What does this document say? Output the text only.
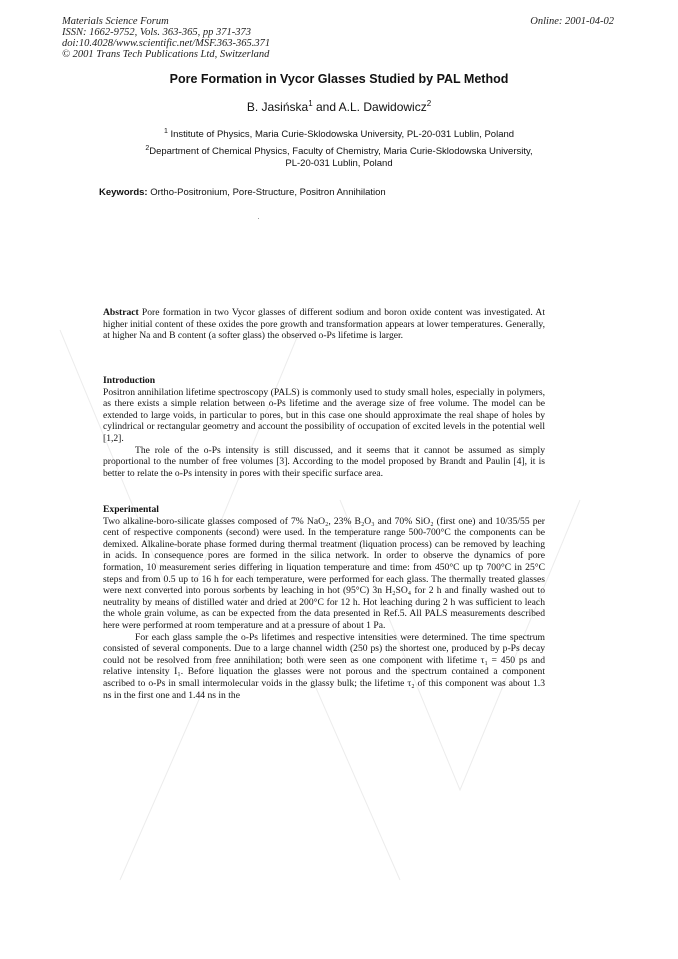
Materials Science Forum
ISSN: 1662-9752, Vols. 363-365, pp 371-373
doi:10.4028/www.scientific.net/MSF.363-365.371
© 2001 Trans Tech Publications Ltd, Switzerland
Online: 2001-04-02
Pore Formation in Vycor Glasses Studied by PAL Method
B. Jasińska$^1$ and A.L. Dawidowicz$^2$
$^1$ Institute of Physics, Maria Curie-Sklodowska University, PL-20-031 Lublin, Poland
$^2$Department of Chemical Physics, Faculty of Chemistry, Maria Curie-Sklodowska University,
PL-20-031 Lublin, Poland
Keywords: Ortho-Positronium, Pore-Structure, Positron Annihilation

Abstract Pore formation in two Vycor glasses of different sodium and boron oxide content was investigated. At higher initial content of these oxides the pore growth and transformation appears at lower temperatures. Generally, at higher Na and B content (a softer glass) the observed o-Ps lifetime is larger.

Introduction

Positron annihilation lifetime spectroscopy (PALS) is commonly used to study small holes, especially in polymers, as there exists a simple relation between o-Ps lifetime and the average size of free volume. The model can be extended to large voids, in particular to pores, but in this case one should approximate the real shape of holes by cylindrical or rectangular geometry and account the possibility of occupation of excited levels in the potential well [1,2].

The role of the o-Ps intensity is still discussed, and it seems that it cannot be assumed as simply proportional to the number of free volumes [3]. According to the model proposed by Brandt and Paulin [4], it is better to relate the o-Ps intensity in pores with their specific surface area.

Experimental

Two alkaline-boro-silicate glasses composed of 7% NaO₂, 23% B₂O₃ and 70% SiO₂ (first one) and 10/35/55 per cent of respective components (second) were used. In the temperature range 500-700°C the components can be demixed. Alkaline-borate phase formed during thermal treatment (liquation process) can be removed by leaching in acids. In consequence pores are formed in the silica network. In order to observe the dynamics of pore formation, 10 measurement series differing in liquation temperature and time: from 450°C up tp 700°C in 25°C steps and from 0.5 up to 16 h for each temperature, were performed for each glass. The thermally treated glasses were next converted into porous sorbents by leaching in hot (95°C) 3n H₂SO₄ for 2 h and finally washed out to neutrality by means of distilled water and dried at 200°C for 12 h. Hot leaching during 2 h was sufficient to leach the whole grain volume, as can be expected from the data presented in Ref.5. All PALS measurements described here were performed at room temperature and at a pressure of about 1 Pa.

For each glass sample the o-Ps lifetimes and respective intensities were determined. The time spectrum consisted of several components. Due to a large channel width (250 ps) the shortest one, produced by p-Ps decay could not be resolved from free annihilation; both were seen as one component with lifetime τ₁ = 450 ps and relative intensity I₁. Before liquation the glasses were not porous and the spectrum contained a component ascribed to o-Ps in small intermolecular voids in the glassy bulk; the lifetime τ₂ of this component was about 1.3 ns in the first one and 1.44 ns in the
